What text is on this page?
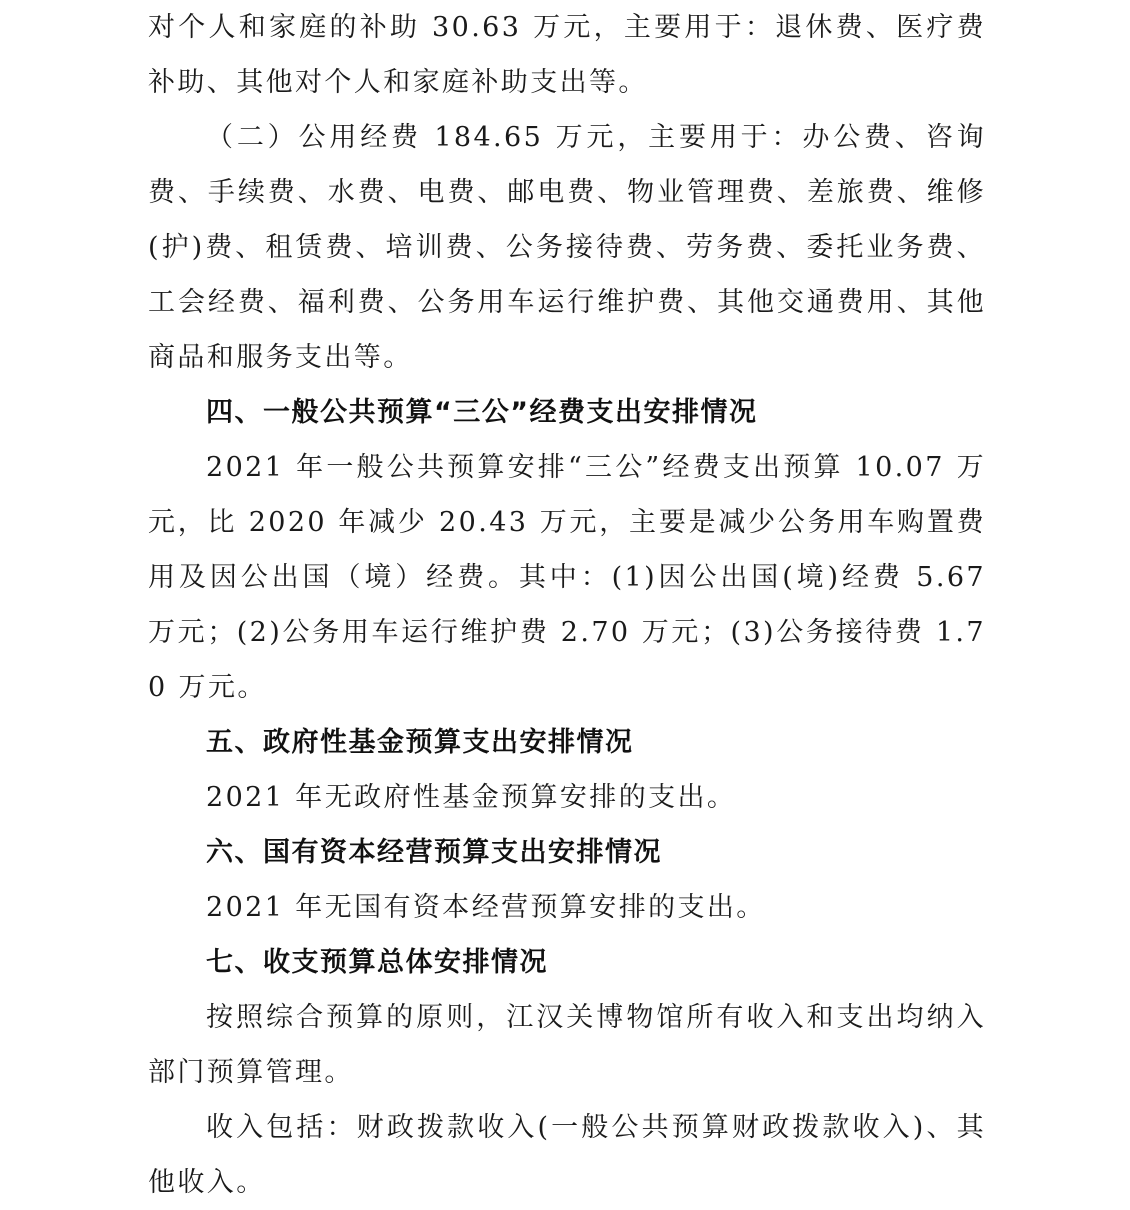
对个人和家庭的补助 30.63 万元，主要用于：退休费、医疗费补助、其他对个人和家庭补助支出等。

（二）公用经费 184.65 万元，主要用于：办公费、咨询费、手续费、水费、电费、邮电费、物业管理费、差旅费、维修(护)费、租赁费、培训费、公务接待费、劳务费、委托业务费、工会经费、福利费、公务用车运行维护费、其他交通费用、其他商品和服务支出等。

四、一般公共预算“三公”经费支出安排情况

2021 年一般公共预算安排“三公”经费支出预算 10.07 万元，比 2020 年减少 20.43 万元，主要是减少公务用车购置费用及因公出国（境）经费。其中：(1)因公出国(境)经费 5.67 万元；(2)公务用车运行维护费 2.70 万元；(3)公务接待费 1.70 万元。

五、政府性基金预算支出安排情况

2021 年无政府性基金预算安排的支出。

六、国有资本经营预算支出安排情况

2021 年无国有资本经营预算安排的支出。

七、收支预算总体安排情况

按照综合预算的原则，江汉关博物馆所有收入和支出均纳入部门预算管理。

收入包括：财政拨款收入(一般公共预算财政拨款收入)、其他收入。
